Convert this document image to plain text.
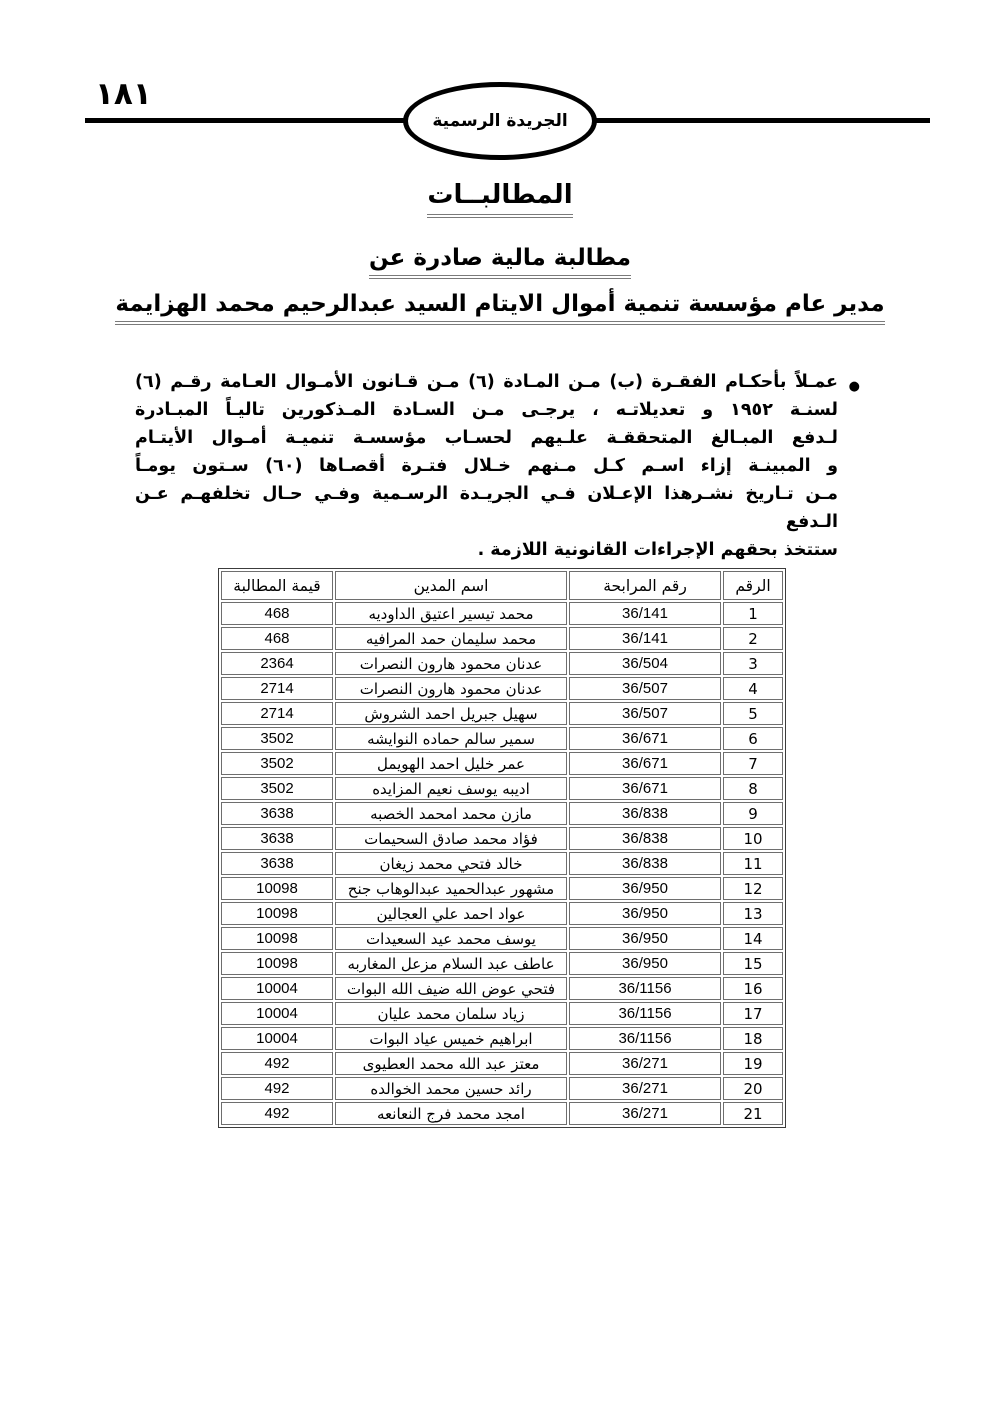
١٨١
الجريدة الرسمية
المطالبــات
مطالبة مالية صادرة عن
مدير عام مؤسسة تنمية أموال الايتام السيد عبدالرحيم محمد الهزايمة
●
عمـلاً بأحكـام الفقـرة (ب) مـن المـادة (٦) مـن قـانون الأمـوال العـامة رقـم (٦)
لسنـة ١٩٥٢ و تعديلاتـه ، يرجـى مـن السـادة المـذكورين تاليـاً المبـادرة
لـدفع المبـالغ المتحققـة علـيهم لحسـاب مؤسسـة تنميـة أمـوال الأيتـام
و المبينـة إزاء اسـم كـل مـنهم خـلال فتـرة أقصـاها (٦٠) سـتون يومـاً
مـن تـاريخ نشـرهذا الإعـلان فـي الجريـدة الرسـمية وفـي حـال تخلفهـم عـن الـدفع
ستتخذ بحقهم الإجراءات القانونية اللازمة .
الرقم	رقم المرابحة	اسم المدين	قيمة المطالبة
1	36/141	محمد تيسير اعتيق الداوديه	468
2	36/141	محمد سليمان حمد المرافيه	468
3	36/504	عدنان محمود هارون النصرات	2364
4	36/507	عدنان محمود هارون النصرات	2714
5	36/507	سهيل جبريل احمد الشروش	2714
6	36/671	سمير سالم حماده النوايشه	3502
7	36/671	عمر خليل احمد الهويمل	3502
8	36/671	اديبه يوسف نعيم المزايده	3502
9	36/838	مازن محمد امحمد الخصبه	3638
10	36/838	فؤاد محمد صادق السحيمات	3638
11	36/838	خالد فتحي محمد زيغان	3638
12	36/950	مشهور عبدالحميد عبدالوهاب جنح	10098
13	36/950	عواد احمد علي العجالين	10098
14	36/950	يوسف محمد عيد السعيدات	10098
15	36/950	عاطف عبد السلام مزعل المغاربه	10098
16	36/1156	فتحي عوض الله ضيف الله البوات	10004
17	36/1156	زياد سلمان محمد عليان	10004
18	36/1156	ابراهيم خميس عياد البوات	10004
19	36/271	معتز عبد الله محمد العطيوى	492
20	36/271	رائد حسين محمد الخوالده	492
21	36/271	امجد محمد فرج النعانعه	492
